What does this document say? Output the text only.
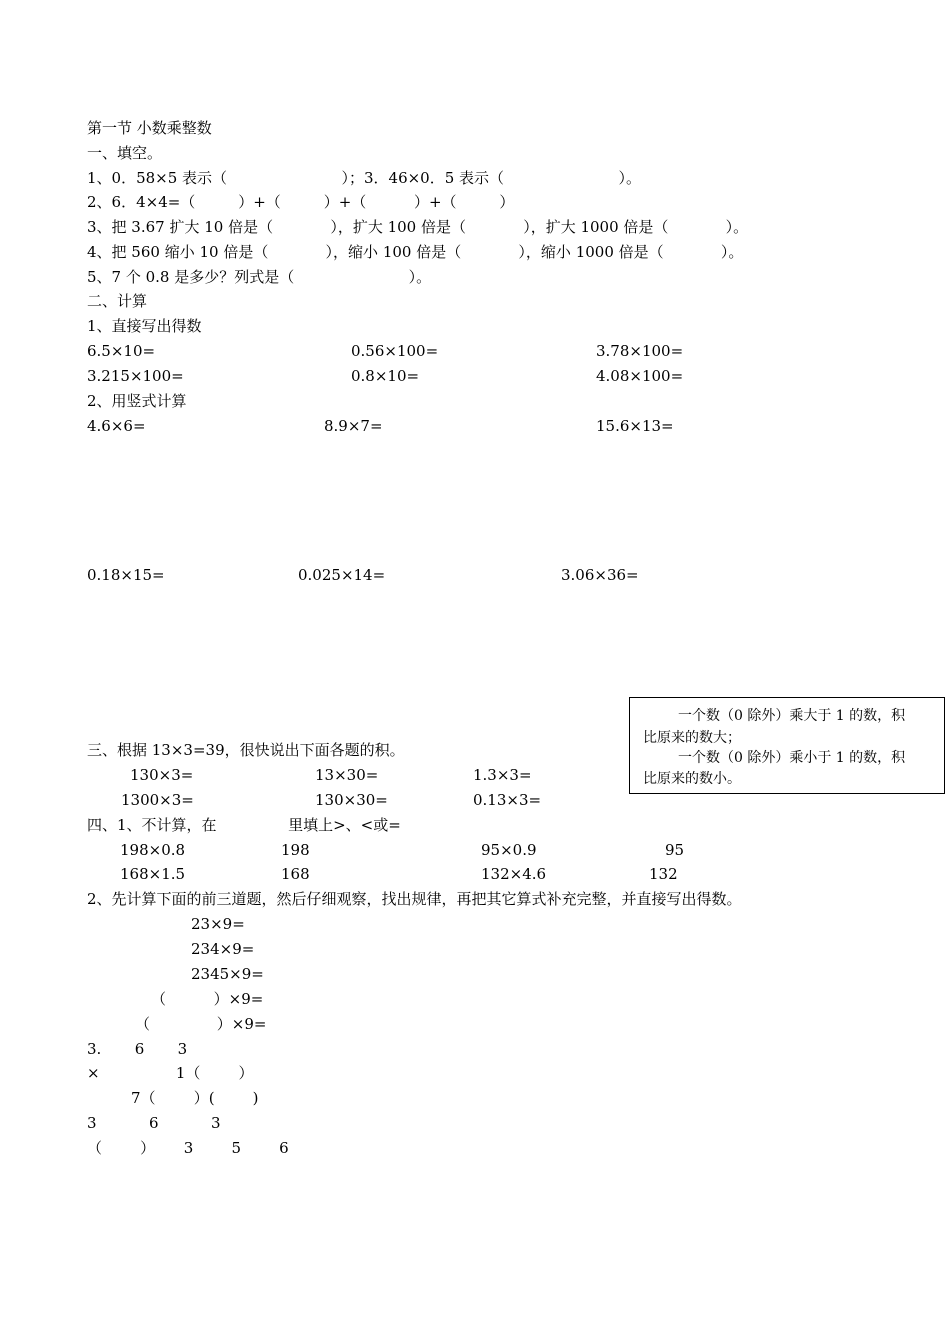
第一节 小数乘整数
一、填空。
1、0．58×5 表示（                        ）；3．46×0．5 表示（                        ）。
2、6．4×4=（         ）+（         ）+（          ）+（         ）
3、把 3.67 扩大 10 倍是（            ），扩大 100 倍是（            ），扩大 1000 倍是（            ）。
4、把 560 缩小 10 倍是（            ），缩小 100 倍是（            ），缩小 1000 倍是（            ）。
5、7 个 0.8 是多少？列式是（                        ）。
二、计算
1、直接写出得数
6.5×10=	0.56×100=	3.78×100=
3.215×100=	0.8×10=	4.08×100=
2、用竖式计算
4.6×6=	8.9×7=	15.6×13=
0.18×15=	0.025×14=	3.06×36=
一个数（0 除外）乘大于 1 的数，积
比原来的数大；
一个数（0 除外）乘小于 1 的数，积
比原来的数小。
三、根据 13×3=39，很快说出下面各题的积。
130×3=	13×30=	1.3×3=
1300×3=	130×30=	0.13×3=
四、1、不计算，在               里填上>、<或=
198×0.8	198	95×0.9	95
168×1.5	168	132×4.6	132
2、先计算下面的前三道题，然后仔细观察，找出规律，再把其它算式补充完整，并直接写出得数。
23×9=
234×9=
2345×9=
（          ）×9=
（              ）×9=
3.       6       3
×                1（        ）
7（        ）(        )
3           6           3
（        ）      3        5        6
